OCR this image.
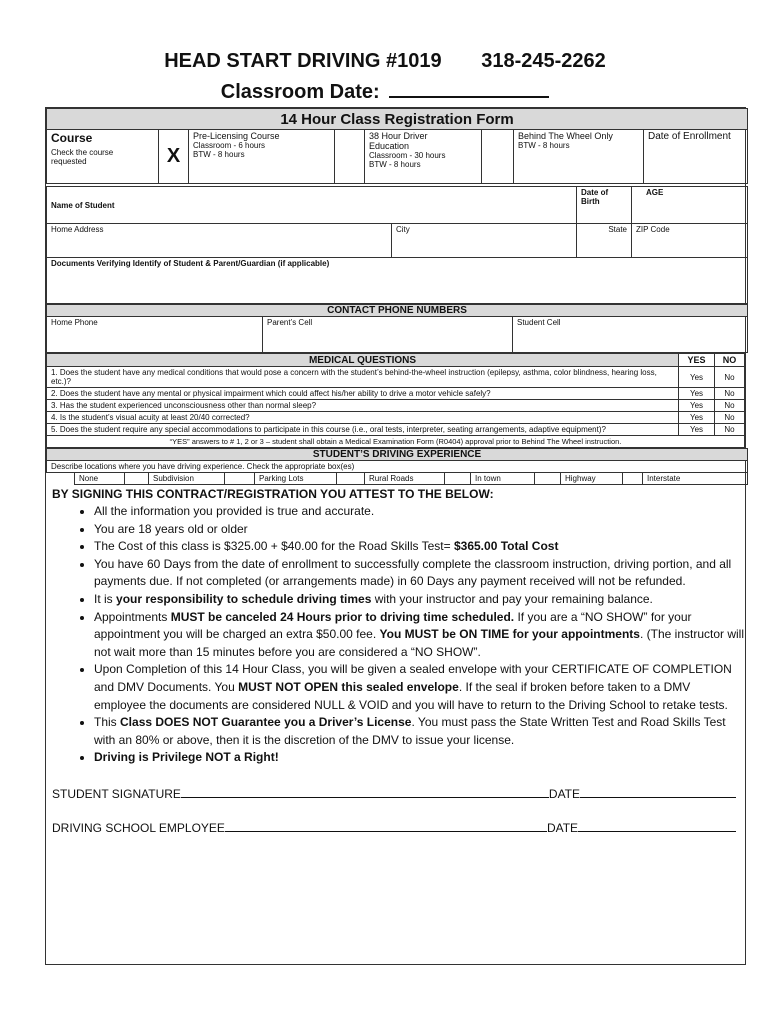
HEAD START DRIVING #1019 318-245-2262
Classroom Date:
14 Hour Class Registration Form

Course
Check the course requested	X	
Pre-Licensing Course
Classroom - 6 hours
BTW - 8 hours

38 Hour Driver
Education
Classroom - 30 hours
BTW - 8 hours

Behind The Wheel Only
BTW - 8 hours

Date of Enrollment
Name of Student		Date of Birth	AGE
Home Address	City	State	ZIP Code
Documents Verifying Identify of Student & Parent/Guardian (if applicable)			
CONTACT PHONE NUMBERS
Home Phone	Parent’s Cell	Student Cell
MEDICAL QUESTIONS	YES	NO
1. Does the student have any medical conditions that would pose a concern with the student’s behind-the-wheel instruction (epilepsy, asthma, color blindness, hearing loss, etc.)?	Yes	No
2. Does the student have any mental or physical impairment which could affect his/her ability to drive a motor vehicle safely?	Yes	No
3. Has the student experienced unconsciousness other than normal sleep?	Yes	No
4. Is the student’s visual acuity at least 20/40 corrected?	Yes	No
5. Does the student require any special accommodations to participate in this course (i.e., oral tests, interpreter, seating arrangements, adaptive equipment)?	Yes	No
“YES” answers to # 1, 2 or 3 – student shall obtain a Medical Examination Form (R0404) approval prior to Behind The Wheel instruction.		
STUDENT’S DRIVING EXPERIENCE
Describe locations where you have driving experience. Check the appropriate box(es)
	None		Subdivision		Parking Lots		Rural Roads		In town		Highway		Interstate
BY SIGNING THIS CONTRACT/REGISTRATION YOU ATTEST TO THE BELOW:
• All the information you provided is true and accurate.
• You are 18 years old or older
• The Cost of this class is $325.00 + $40.00 for the Road Skills Test= $365.00 Total Cost
• You have 60 Days from the date of enrollment to successfully complete the classroom instruction, driving portion, and all payments due. If not completed (or arrangements made) in 60 Days any payment received will not be refunded.
• It is your responsibility to schedule driving times with your instructor and pay your remaining balance.
• Appointments MUST be canceled 24 Hours prior to driving time scheduled. If you are a “NO SHOW” for your appointment you will be charged an extra $50.00 fee. You MUST be ON TIME for your appointments. (The instructor will not wait more than 15 minutes before you are considered a “NO SHOW”.
• Upon Completion of this 14 Hour Class, you will be given a sealed envelope with your CERTIFICATE OF COMPLETION and DMV Documents. You MUST NOT OPEN this sealed envelope. If the seal if broken before taken to a DMV employee the documents are considered NULL & VOID and you will have to return to the Driving School to retake tests.
• This Class DOES NOT Guarantee you a Driver’s License. You must pass the State Written Test and Road Skills Test with an 80% or above, then it is the discretion of the DMV to issue your license.
• Driving is Privilege NOT a Right!
STUDENT SIGNATURE	DATE
DRIVING SCHOOL EMPLOYEE	DATE
